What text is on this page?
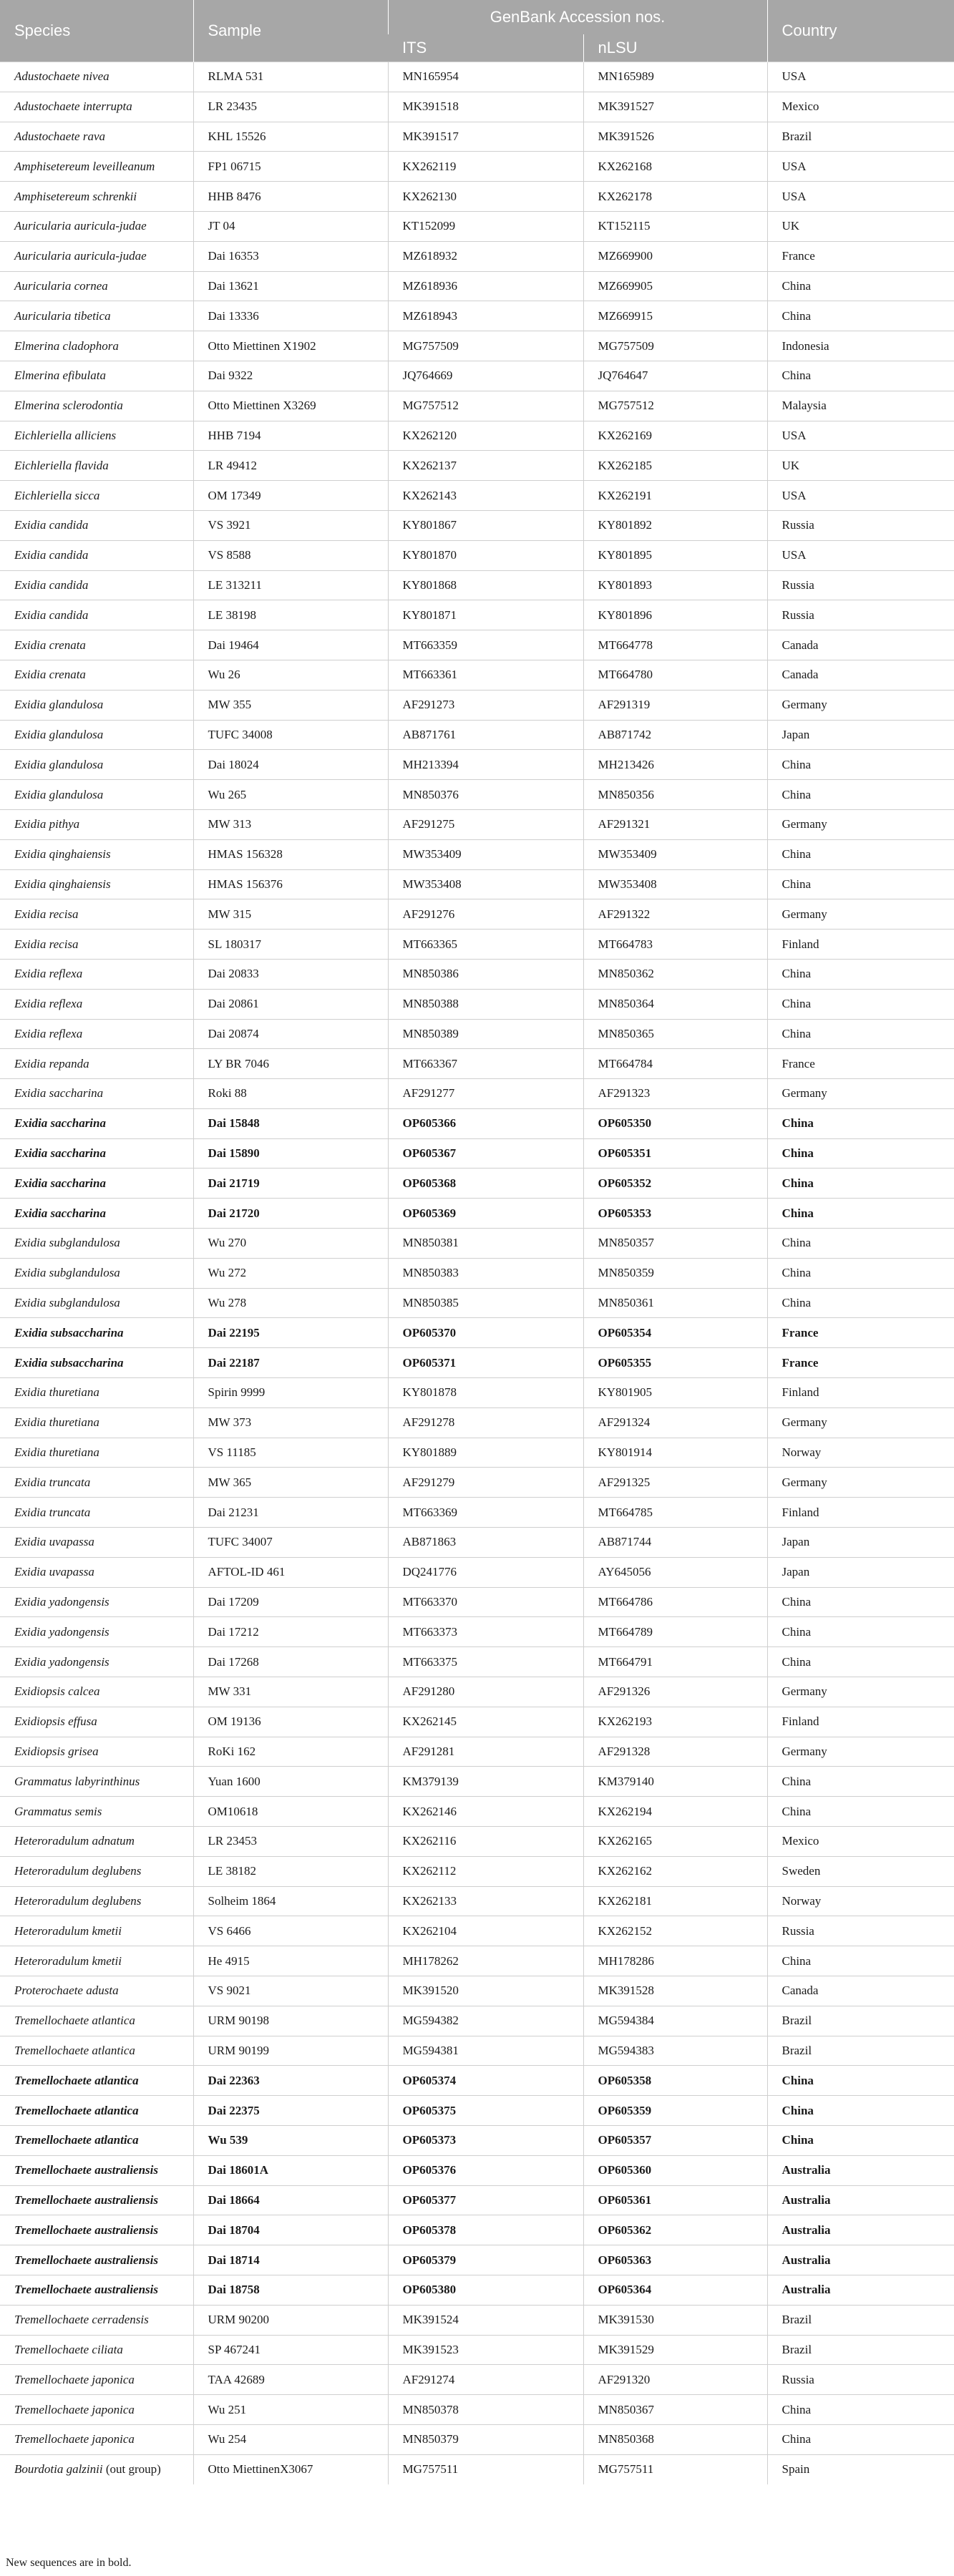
Species	Sample	GenBank Accession nos.		Country
		ITS	nLSU	
Adustochaete nivea	RLMA 531	MN165954	MN165989	USA
Adustochaete interrupta	LR 23435	MK391518	MK391527	Mexico
Adustochaete rava	KHL 15526	MK391517	MK391526	Brazil
Amphisetereum leveilleanum	FP1 06715	KX262119	KX262168	USA
Amphisetereum schrenkii	HHB 8476	KX262130	KX262178	USA
Auricularia auricula-judae	JT 04	KT152099	KT152115	UK
Auricularia auricula-judae	Dai 16353	MZ618932	MZ669900	France
Auricularia cornea	Dai 13621	MZ618936	MZ669905	China
Auricularia tibetica	Dai 13336	MZ618943	MZ669915	China
Elmerina cladophora	Otto Miettinen X1902	MG757509	MG757509	Indonesia
Elmerina efibulata	Dai 9322	JQ764669	JQ764647	China
Elmerina sclerodontia	Otto Miettinen X3269	MG757512	MG757512	Malaysia
Eichleriella alliciens	HHB 7194	KX262120	KX262169	USA
Eichleriella flavida	LR 49412	KX262137	KX262185	UK
Eichleriella sicca	OM 17349	KX262143	KX262191	USA
Exidia candida	VS 3921	KY801867	KY801892	Russia
Exidia candida	VS 8588	KY801870	KY801895	USA
Exidia candida	LE 313211	KY801868	KY801893	Russia
Exidia candida	LE 38198	KY801871	KY801896	Russia
Exidia crenata	Dai 19464	MT663359	MT664778	Canada
Exidia crenata	Wu 26	MT663361	MT664780	Canada
Exidia glandulosa	MW 355	AF291273	AF291319	Germany
Exidia glandulosa	TUFC 34008	AB871761	AB871742	Japan
Exidia glandulosa	Dai 18024	MH213394	MH213426	China
Exidia glandulosa	Wu 265	MN850376	MN850356	China
Exidia pithya	MW 313	AF291275	AF291321	Germany
Exidia qinghaiensis	HMAS 156328	MW353409	MW353409	China
Exidia qinghaiensis	HMAS 156376	MW353408	MW353408	China
Exidia recisa	MW 315	AF291276	AF291322	Germany
Exidia recisa	SL 180317	MT663365	MT664783	Finland
Exidia reflexa	Dai 20833	MN850386	MN850362	China
Exidia reflexa	Dai 20861	MN850388	MN850364	China
Exidia reflexa	Dai 20874	MN850389	MN850365	China
Exidia repanda	LY BR 7046	MT663367	MT664784	France
Exidia saccharina	Roki 88	AF291277	AF291323	Germany
Exidia saccharina	Dai 15848	OP605366	OP605350	China
Exidia saccharina	Dai 15890	OP605367	OP605351	China
Exidia saccharina	Dai 21719	OP605368	OP605352	China
Exidia saccharina	Dai 21720	OP605369	OP605353	China
Exidia subglandulosa	Wu 270	MN850381	MN850357	China
Exidia subglandulosa	Wu 272	MN850383	MN850359	China
Exidia subglandulosa	Wu 278	MN850385	MN850361	China
Exidia subsaccharina	Dai 22195	OP605370	OP605354	France
Exidia subsaccharina	Dai 22187	OP605371	OP605355	France
Exidia thuretiana	Spirin 9999	KY801878	KY801905	Finland
Exidia thuretiana	MW 373	AF291278	AF291324	Germany
Exidia thuretiana	VS 11185	KY801889	KY801914	Norway
Exidia truncata	MW 365	AF291279	AF291325	Germany
Exidia truncata	Dai 21231	MT663369	MT664785	Finland
Exidia uvapassa	TUFC 34007	AB871863	AB871744	Japan
Exidia uvapassa	AFTOL-ID 461	DQ241776	AY645056	Japan
Exidia yadongensis	Dai 17209	MT663370	MT664786	China
Exidia yadongensis	Dai 17212	MT663373	MT664789	China
Exidia yadongensis	Dai 17268	MT663375	MT664791	China
Exidiopsis calcea	MW 331	AF291280	AF291326	Germany
Exidiopsis effusa	OM 19136	KX262145	KX262193	Finland
Exidiopsis grisea	RoKi 162	AF291281	AF291328	Germany
Grammatus labyrinthinus	Yuan 1600	KM379139	KM379140	China
Grammatus semis	OM10618	KX262146	KX262194	China
Heteroradulum adnatum	LR 23453	KX262116	KX262165	Mexico
Heteroradulum deglubens	LE 38182	KX262112	KX262162	Sweden
Heteroradulum deglubens	Solheim 1864	KX262133	KX262181	Norway
Heteroradulum kmetii	VS 6466	KX262104	KX262152	Russia
Heteroradulum kmetii	He 4915	MH178262	MH178286	China
Proterochaete adusta	VS 9021	MK391520	MK391528	Canada
Tremellochaete atlantica	URM 90198	MG594382	MG594384	Brazil
Tremellochaete atlantica	URM 90199	MG594381	MG594383	Brazil
Tremellochaete atlantica	Dai 22363	OP605374	OP605358	China
Tremellochaete atlantica	Dai 22375	OP605375	OP605359	China
Tremellochaete atlantica	Wu 539	OP605373	OP605357	China
Tremellochaete australiensis	Dai 18601A	OP605376	OP605360	Australia
Tremellochaete australiensis	Dai 18664	OP605377	OP605361	Australia
Tremellochaete australiensis	Dai 18704	OP605378	OP605362	Australia
Tremellochaete australiensis	Dai 18714	OP605379	OP605363	Australia
Tremellochaete australiensis	Dai 18758	OP605380	OP605364	Australia
Tremellochaete cerradensis	URM 90200	MK391524	MK391530	Brazil
Tremellochaete ciliata	SP 467241	MK391523	MK391529	Brazil
Tremellochaete japonica	TAA 42689	AF291274	AF291320	Russia
Tremellochaete japonica	Wu 251	MN850378	MN850367	China
Tremellochaete japonica	Wu 254	MN850379	MN850368	China
Bourdotia galzinii (out group)	Otto MiettinenX3067	MG757511	MG757511	Spain
New sequences are in bold.
